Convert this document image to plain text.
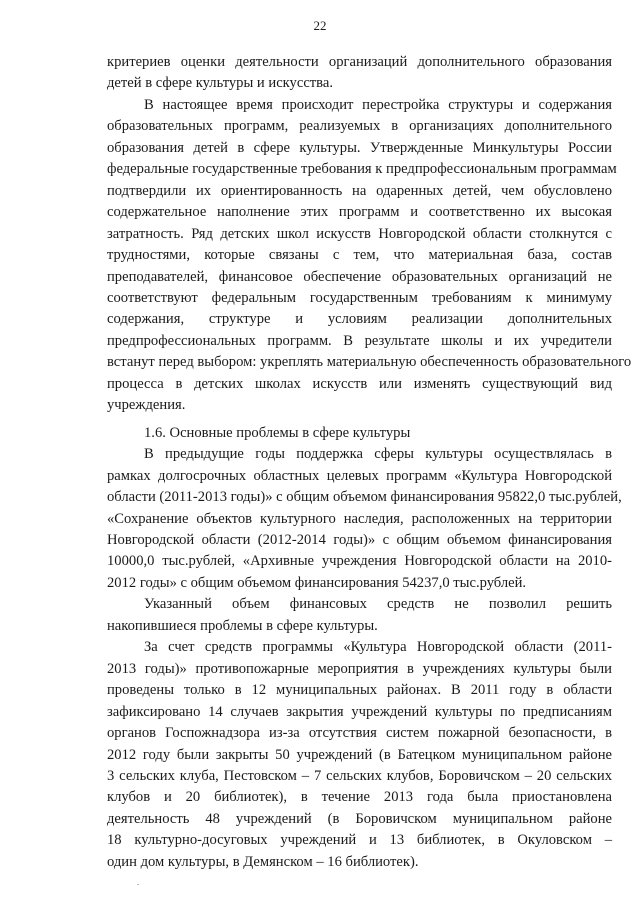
22
критериев оценки деятельности организаций дополнительного образования
детей в сфере культуры и искусства.
В настоящее время происходит перестройка структуры и содержания
образовательных программ, реализуемых в организациях дополнительного
образования детей в сфере культуры. Утвержденные Минкультуры России
федеральные государственные требования к предпрофессиональным программам
подтвердили их ориентированность на одаренных детей, чем обусловлено
содержательное наполнение этих программ и соответственно их высокая
затратность. Ряд детских школ искусств Новгородской области столкнутся с
трудностями, которые связаны с тем, что материальная база, состав
преподавателей, финансовое обеспечение образовательных организаций не
соответствуют федеральным государственным требованиям к минимуму
содержания, структуре и условиям реализации дополнительных
предпрофессиональных программ. В результате школы и их учредители
встанут перед выбором: укреплять материальную обеспеченность образовательного
процесса в детских школах искусств или изменять существующий вид
учреждения.
1.6. Основные проблемы в сфере культуры
В предыдущие годы поддержка сферы культуры осуществлялась в
рамках долгосрочных областных целевых программ «Культура Новгородской
области (2011-2013 годы)» с общим объемом финансирования 95822,0 тыс.рублей,
«Сохранение объектов культурного наследия, расположенных на территории
Новгородской области (2012-2014 годы)» с общим объемом финансирования
10000,0 тыс.рублей, «Архивные учреждения Новгородской области на 2010-
2012 годы» с общим объемом финансирования 54237,0 тыс.рублей.
Указанный объем финансовых средств не позволил решить
накопившиеся проблемы в сфере культуры.
За счет средств программы «Культура Новгородской области (2011-
2013 годы)» противопожарные мероприятия в учреждениях культуры были
проведены только в 12 муниципальных районах. В 2011 году в области
зафиксировано 14 случаев закрытия учреждений культуры по предписаниям
органов Госпожнадзора из-за отсутствия систем пожарной безопасности, в
2012 году были закрыты 50 учреждений (в Батецком муниципальном районе
3 сельских клуба, Пестовском – 7 сельских клубов, Боровичском – 20 сельских
клубов и 20 библиотек), в течение 2013 года была приостановлена
деятельность 48 учреждений (в Боровичском муниципальном районе
18 культурно-досуговых учреждений и 13 библиотек, в Окуловском –
один дом культуры, в Демянском – 16 библиотек).
